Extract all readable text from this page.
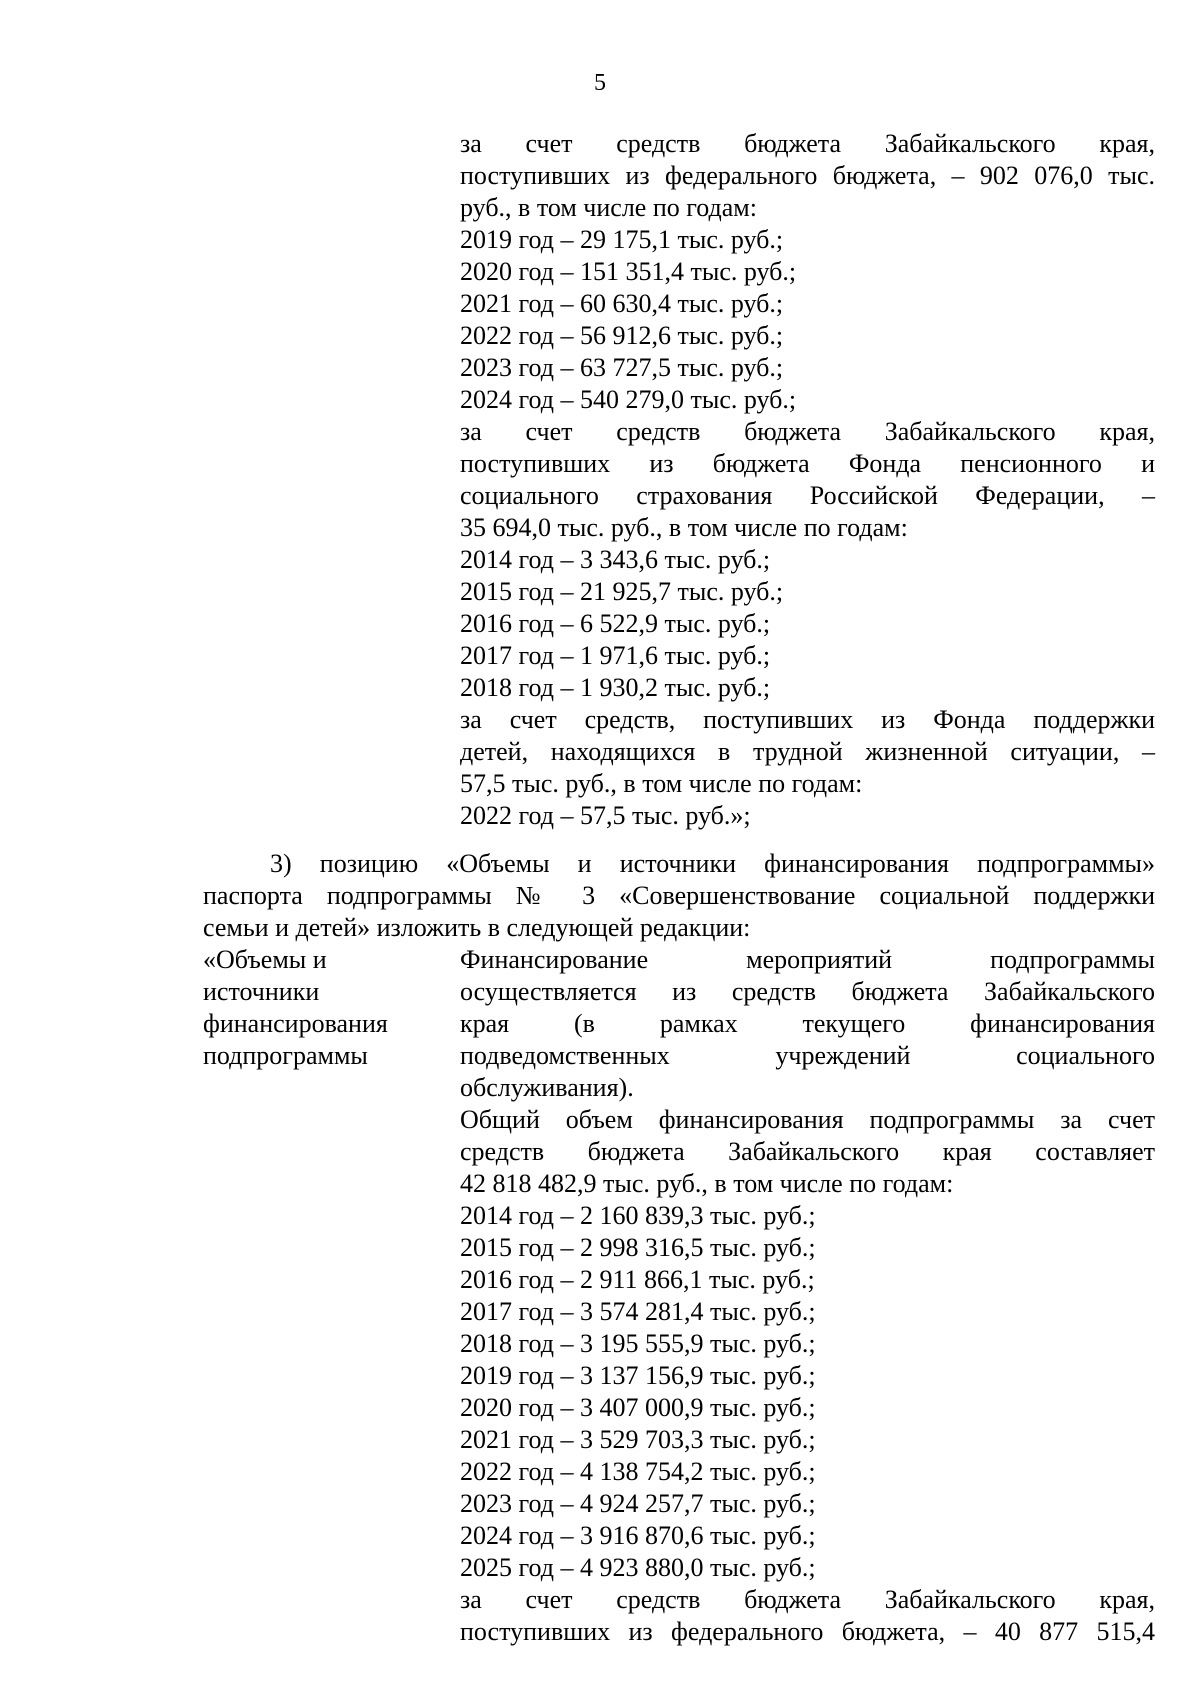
5
за счет средств бюджета Забайкальского края,
поступивших из федерального бюджета, – 902 076,0 тыс.
руб., в том числе по годам:
2019 год – 29 175,1 тыс. руб.;
2020 год – 151 351,4 тыс. руб.;
2021 год – 60 630,4 тыс. руб.;
2022 год – 56 912,6 тыс. руб.;
2023 год – 63 727,5 тыс. руб.;
2024 год – 540 279,0 тыс. руб.;
за счет средств бюджета Забайкальского края,
поступивших из бюджета Фонда пенсионного и
социального страхования Российской Федерации, –
35 694,0 тыс. руб., в том числе по годам:
2014 год – 3 343,6 тыс. руб.;
2015 год – 21 925,7 тыс. руб.;
2016 год – 6 522,9 тыс. руб.;
2017 год – 1 971,6 тыс. руб.;
2018 год – 1 930,2 тыс. руб.;
за счет средств, поступивших из Фонда поддержки
детей, находящихся в трудной жизненной ситуации, –
57,5 тыс. руб., в том числе по годам:
2022 год – 57,5 тыс. руб.»;
3) позицию «Объемы и источники финансирования подпрограммы»
паспорта подпрограммы № 3 «Совершенствование социальной поддержки
семьи и детей» изложить в следующей редакции:
«Объемы и
источники
финансирования
подпрограммы
Финансирование мероприятий подпрограммы
осуществляется из средств бюджета Забайкальского
края (в рамках текущего финансирования
подведомственных учреждений социального
обслуживания).
Общий объем финансирования подпрограммы за счет
средств бюджета Забайкальского края составляет
42 818 482,9 тыс. руб., в том числе по годам:
2014 год – 2 160 839,3 тыс. руб.;
2015 год – 2 998 316,5 тыс. руб.;
2016 год – 2 911 866,1 тыс. руб.;
2017 год – 3 574 281,4 тыс. руб.;
2018 год – 3 195 555,9 тыс. руб.;
2019 год – 3 137 156,9 тыс. руб.;
2020 год – 3 407 000,9 тыс. руб.;
2021 год – 3 529 703,3 тыс. руб.;
2022 год – 4 138 754,2 тыс. руб.;
2023 год – 4 924 257,7 тыс. руб.;
2024 год – 3 916 870,6 тыс. руб.;
2025 год – 4 923 880,0 тыс. руб.;
за счет средств бюджета Забайкальского края,
поступивших из федерального бюджета, – 40 877 515,4
